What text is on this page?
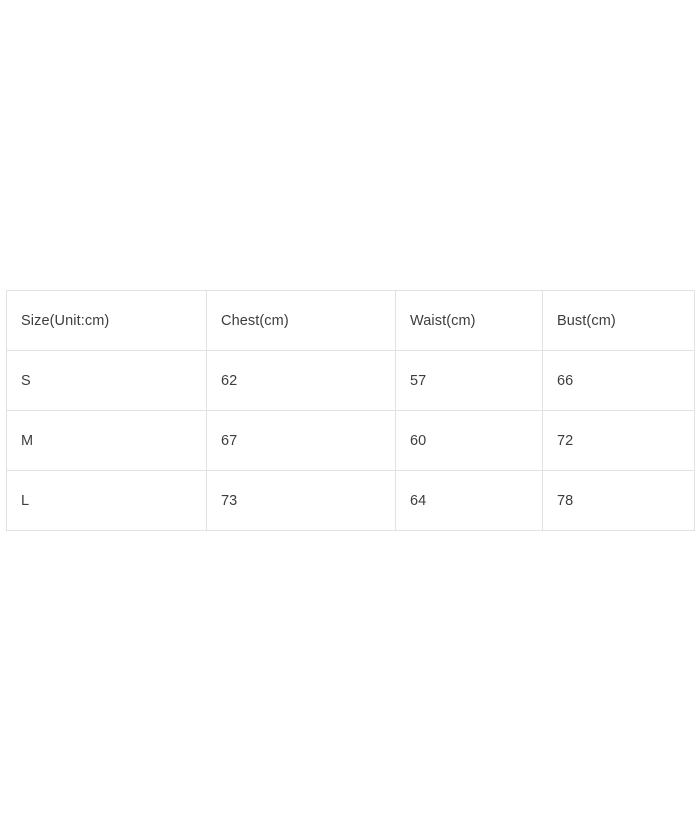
Size(Unit:cm)	Chest(cm)	Waist(cm)	Bust(cm)
S	62	57	66
M	67	60	72
L	73	64	78
